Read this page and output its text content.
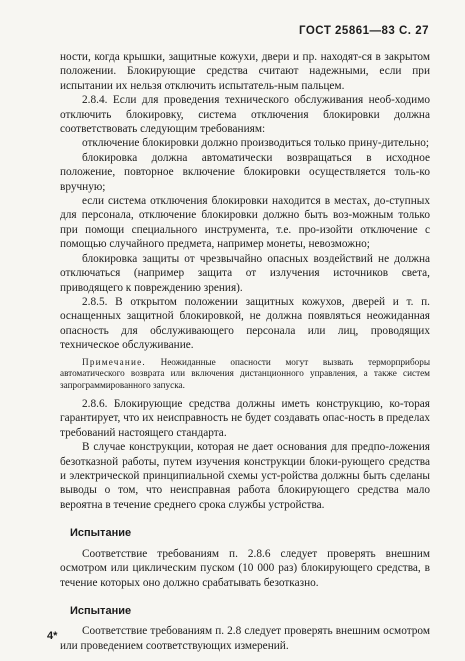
ГОСТ 25861—83 С. 27

ности, когда крышки, защитные кожухи, двери и пр. находят-ся в закрытом положении. Блокирующие средства считают надежными, если при испытании их нельзя отключить испытатель-ным пальцем.

2.8.4. Если для проведения технического обслуживания необ-ходимо отключить блокировку, система отключения блокировки должна соответствовать следующим требованиям:

отключение блокировки должно производиться только прину-дительно;

блокировка должна автоматически возвращаться в исходное положение, повторное включение блокировки осуществляется толь-ко вручную;

если система отключения блокировки находится в местах, до-ступных для персонала, отключение блокировки должно быть воз-можным только при помощи специального инструмента, т.е. про-изойти отключение с помощью случайного предмета, например монеты, невозможно;

блокировка защиты от чрезвычайно опасных воздействий не должна отключаться (например защита от излучения источников света, приводящего к повреждению зрения).

2.8.5. В открытом положении защитных кожухов, дверей и т. п. оснащенных защитной блокировкой, не должна появляться неожиданная опасность для обслуживающего персонала или лиц, проводящих техническое обслуживание.

Примечание. Неожиданные опасности могут вызвать терморприборы автоматического возврата или включения дистанционного управления, а также систем запрограммированного запуска.

2.8.6. Блокирующие средства должны иметь конструкцию, ко-торая гарантирует, что их неисправность не будет создавать опас-ность в пределах требований настоящего стандарта.

В случае конструкции, которая не дает основания для предпо-ложения безотказной работы, путем изучения конструкции блоки-рующего средства и электрической принципиальной схемы уст-ройства должны быть сделаны выводы о том, что неисправная работа блокирующего средства мало вероятна в течение среднего срока службы устройства.

Испытание

Соответствие требованиям п. 2.8.6 следует проверять внешним осмотром или циклическим пуском (10 000 раз) блокирующего средства, в течение которых оно должно срабатывать безотказно.

Испытание

Соответствие требованиям п. 2.8 следует проверять внешним осмотром или проведением соответствующих измерений.

4*
